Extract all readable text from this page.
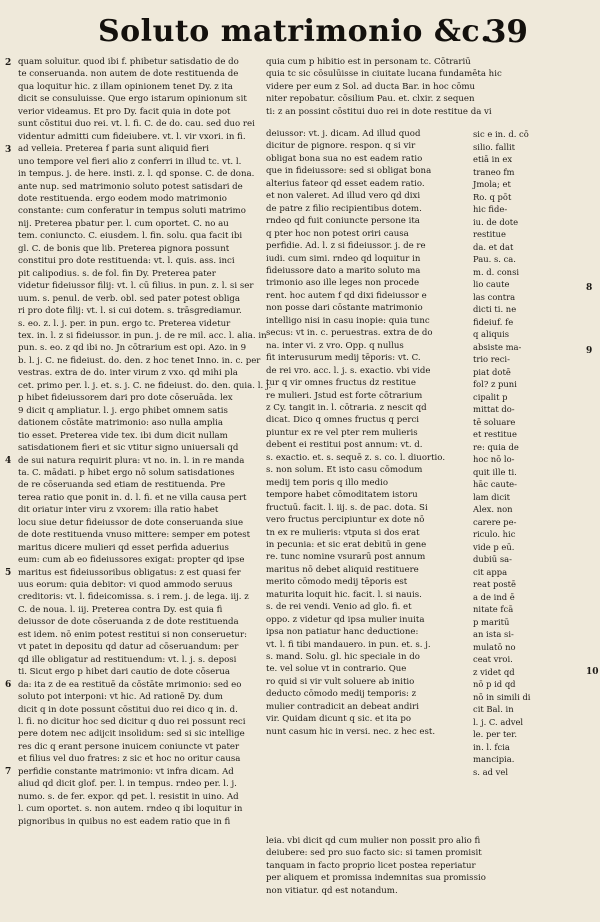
Soluto matrimonio &c.
39
2
3
4
5
6
7
8
9
10
quam soluitur. quod ibi f. phibetur satisdatio de do
te conseruanda. non autem de dote restituenda de
qua loquitur hic. z illam opinionem tenet Dy. z ita
dicit se consuluisse. Que ergo istarum opinionum sit
verior videamus. Et pro Dy. facit quia in dote pot
sunt cōstitui duo rei. vt. l. fi. C. de do. cau. sed duo rei
videntur admitti cum fideiubere. vt. l. vir vxori. in fi.
ad velleia. Preterea f paria sunt aliquid fieri
uno tempore vel fieri alio z conferri in illud tc. vt. l.
in tempus. j. de here. insti. z. l. qd sponse. C. de dona.
ante nup. sed matrimonio soluto potest satisdari de
dote restituenda. ergo eodem modo matrimonio
constante: cum conferatur in tempus soluti matrimo
nij. Preterea pbatur per. l. cum oportet. C. no au
tem. coniuncto. C. eiusdem. l. fin. solu. qua facit ibi
gl. C. de bonis que lib. Preterea pignora possunt
constitui pro dote restituenda: vt. l. quis. ass. inci
pit calipodius. s. de fol. fin Dy. Preterea pater
videtur fideiussor filij: vt. l. cū filius. in pun. z. l. si ser
uum. s. penul. de verb. obl. sed pater potest obliga
ri pro dote filij: vt. l. si cui dotem. s. trāsgrediamur.
s. eo. z. l. j. per. in pun. ergo tc. Preterea videtur
tex. in. l. z si fideiussor. in pun. j. de re mil. acc. l. alia. in
pun. s. eo. z qd ibi no. Jn cōtrarium est opi. Azo. in 9
b. l. j. C. ne fideiust. do. den. z hoc tenet Inno. in. c. per
vestras. extra de do. inter virum z vxo. qd mihi pla
cet. primo per. l. j. et. s. j. C. ne fideiust. do. den. quia. l. j.
p hibet fideiussorem dari pro dote cōseruāda. lex
9 dicit q ampliatur. l. j. ergo phibet omnem satis
dationem cōstāte matrimonio: aso nulla amplia
tio esset. Preterea vide tex. ibi dum dicit nullam
satisdationem fieri et sic vtitur signo uniuersali qd
de sui natura requirit plura: vt no. in. l. in re manda
ta. C. mādati. p hibet ergo nō solum satisdationes
de re cōseruanda sed etiam de restituenda. Pre
terea ratio que ponit in. d. l. fi. et ne villa causa pert
dit oriatur inter viru z vxorem: illa ratio habet
locu siue detur fideiussor de dote conseruanda siue
de dote restituenda vnuso mittere: semper em potest
maritus dicere mulieri qd esset perfida aduerius
eum: cum ab eo fideiussores exigat: propter qd ipse
maritus est fideiussoribus obligatus: z est quasi fer
uus eorum: quia debitor: vi quod ammodo seruus
creditoris: vt. l. fideicomissa. s. i rem. j. de lega. iij. z
C. de noua. l. iij. Preterea contra Dy. est quia fi
deiussor de dote cōseruanda z de dote restituenda
est idem. nō enim potest restitui si non conseruetur:
vt patet in depositu qd datur ad cōseruandum: per
qd ille obligatur ad restituendum: vt. l. j. s. deposi
ti. Sicut ergo p hibet dari cautio de dote cōserua
da: ita z de ea restituē da cōstāte mrimonio: sed eo
soluto pot interponi: vt hic. Ad rationē Dy. dum
dicit q in dote possunt cōstitui duo rei dico q in. d.
l. fi. no dicitur hoc sed dicitur q duo rei possunt reci
pere dotem nec adijcit insolidum: sed si sic intellige
res dic q erant persone inuicem coniuncte vt pater
et filius vel duo fratres: z sic et hoc no oritur causa
perfidie constante matrimonio: vt infra dicam. Ad
aliud qd dicit glof. per. l. in tempus. rndeo per. l. j.
numo. s. de fer. expor. qd pet. l. resistit in uino. Ad
l. cum oportet. s. non autem. rndeo q ibi loquitur in
pignoribus in quibus no est eadem ratio que in fi
quia cum p hibitio est in personam tc. Cōtrariū
quia tc sic cōsulūisse in ciuitate lucana fundamēta hic
videre per eum z Sol. ad ducta Bar. in hoc cōmu
niter repobatur. cōsilium Pau. et. clxir. z sequen
ti: z an possint cōstitui duo rei in dote restitue da vi
deiussor: vt. j. dicam. Ad illud quod
dicitur de pignore. respon. q si vir
obligat bona sua no est eadem ratio
que in fideiussore: sed si obligat bona
alterius fateor qd esset eadem ratio.
et non valeret. Ad illud vero qd dixi
de patre z filio recipientibus dotem.
rndeo qd fuit coniuncte persone ita
q pter hoc non potest oriri causa
perfidie. Ad. l. z si fideiussor. j. de re
iudi. cum simi. rndeo qd loquitur in
fideiussore dato a marito soluto ma
trimonio aso ille leges non procede
rent. hoc autem f qd dixi fideiussor e
non posse dari cōstante matrimonio
intelligo nisi in casu inopie: quia tunc
secus: vt in. c. peruestras. extra de do
na. inter vi. z vro. Opp. q nullus
fit interusurum medij tēporis: vt. C.
de rei vro. acc. l. j. s. exactio. vbi vide
tur q vir omnes fructus dz restitue
re mulieri. Jstud est forte cōtrarium
z Cy. tangit in. l. cōtraria. z nescit qd
dicat. Dico q omnes fructus q perci
piuntur ex re vel pter rem mulieris
debent ei restitui post annum: vt. d.
s. exactio. et. s. sequē z. s. co. l. diuortio.
s. non solum. Et isto casu cōmodum
medij tem poris q illo medio
tempore habet cōmoditatem istoru
fructuū. facit. l. iij. s. de pac. dota. Si
vero fructus percipiuntur ex dote nō
tn ex re mulieris: vtputa si dos erat
in pecunia: et sic erat debitū in gene
re. tunc nomine vsurarū post annum
maritus nō debet aliquid restituere
merito cōmodo medij tēporis est
maturita loquit hic. facit. l. si nauis.
s. de rei vendi. Venio ad glo. fi. et
oppo. z videtur qd ipsa mulier inuita
ipsa non patiatur hanc deductione:
vt. l. fi tibi mandauero. in pun. et. s. j.
s. mand. Solu. gl. hic speciale in do
te. vel solue vt in contrario. Que
ro quid si vir vult soluere ab initio
deducto cōmodo medij temporis: z
mulier contradicit an debeat andiri
vir. Quidam dicunt q sic. et ita po
nunt casum hic in versi. nec. z hec est.
sic e in. d. cō
silio. fallit
etiā in ex
traneo fm
Jmola; et
Ro. q pōt
hic fide-
iu. de dote
restitue
da. et dat
Pau. s. ca.
m. d. consi
lio caute
las contra
dicti ti. ne
fideiuf. fe
q aliquis
absiste ma-
trio reci-
piat dotē
fol? z puni
cipalit p
mittat do-
tē soluare
et restitue
re: quia de
hoc nō lo-
quit ille ti.
hāc caute-
lam dicit
Alex. non
carere pe-
riculo. hic
vide p eū.
dubiū sa-
cit appa
reat postē
a de ind ē
nitate fcā
p maritū
an ista si-
mulatō no
ceat vroi.
z videt qd
nō p id qd
nō in simili di
cit Bal. in
l. j. C. advel
le. per ter.
in. l. fcia
mancipia.
s. ad vel
leia. vbi dicit qd cum mulier non possit pro alio fi
deiubere: sed pro suo facto sic: si tamen promisit
tanquam in facto proprio licet postea reperiatur
per aliquem et promissa indemnitas sua promissio
non vitiatur. qd est notandum.
